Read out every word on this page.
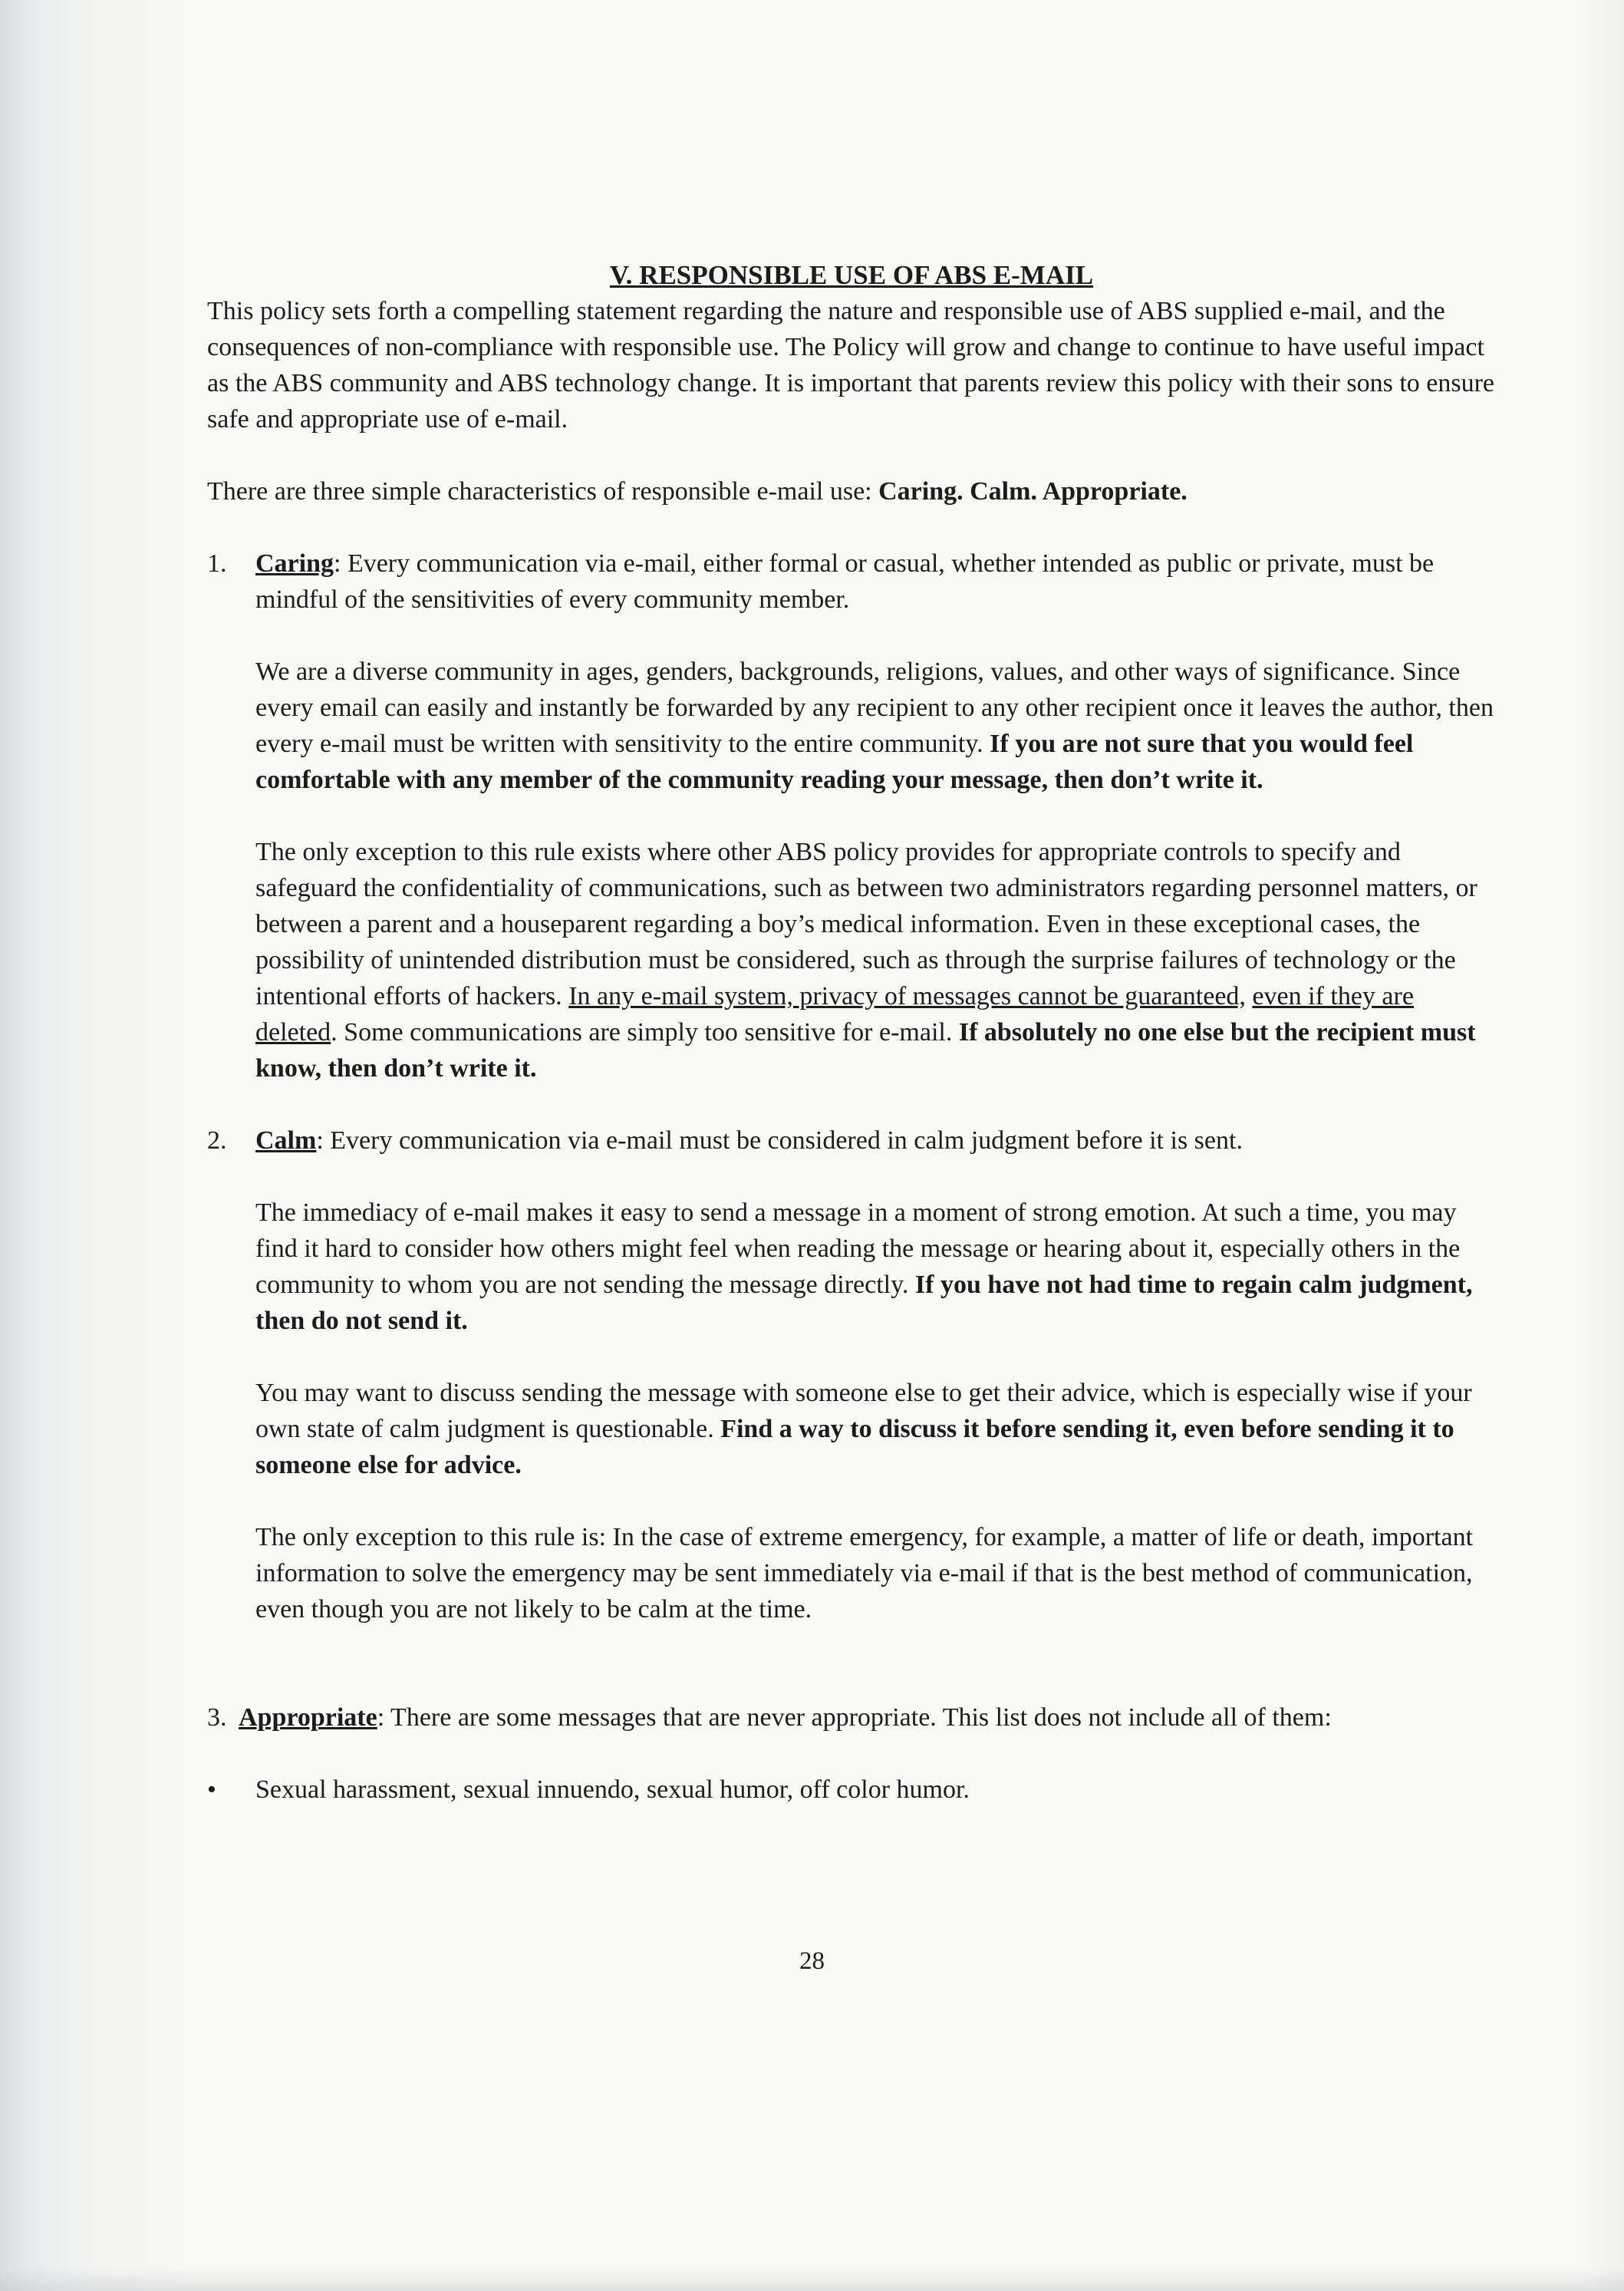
V. RESPONSIBLE USE OF ABS E-MAIL

This policy sets forth a compelling statement regarding the nature and responsible use of ABS supplied e-mail, and the consequences of non-compliance with responsible use. The Policy will grow and change to continue to have useful impact as the ABS community and ABS technology change. It is important that parents review this policy with their sons to ensure safe and appropriate use of e-mail.

There are three simple characteristics of responsible e-mail use: Caring. Calm. Appropriate.

1. Caring: Every communication via e-mail, either formal or casual, whether intended as public or private, must be mindful of the sensitivities of every community member.

We are a diverse community in ages, genders, backgrounds, religions, values, and other ways of significance. Since every email can easily and instantly be forwarded by any recipient to any other recipient once it leaves the author, then every e-mail must be written with sensitivity to the entire community. If you are not sure that you would feel comfortable with any member of the community reading your message, then don’t write it.

The only exception to this rule exists where other ABS policy provides for appropriate controls to specify and safeguard the confidentiality of communications, such as between two administrators regarding personnel matters, or between a parent and a houseparent regarding a boy’s medical information. Even in these exceptional cases, the possibility of unintended distribution must be considered, such as through the surprise failures of technology or the intentional efforts of hackers. In any e-mail system, privacy of messages cannot be guaranteed, even if they are deleted. Some communications are simply too sensitive for e-mail. If absolutely no one else but the recipient must know, then don’t write it.

2. Calm: Every communication via e-mail must be considered in calm judgment before it is sent.

The immediacy of e-mail makes it easy to send a message in a moment of strong emotion. At such a time, you may find it hard to consider how others might feel when reading the message or hearing about it, especially others in the community to whom you are not sending the message directly. If you have not had time to regain calm judgment, then do not send it.

You may want to discuss sending the message with someone else to get their advice, which is especially wise if your own state of calm judgment is questionable. Find a way to discuss it before sending it, even before sending it to someone else for advice.

The only exception to this rule is: In the case of extreme emergency, for example, a matter of life or death, important information to solve the emergency may be sent immediately via e-mail if that is the best method of communication, even though you are not likely to be calm at the time.

3. Appropriate: There are some messages that are never appropriate. This list does not include all of them:

• Sexual harassment, sexual innuendo, sexual humor, off color humor.

28
